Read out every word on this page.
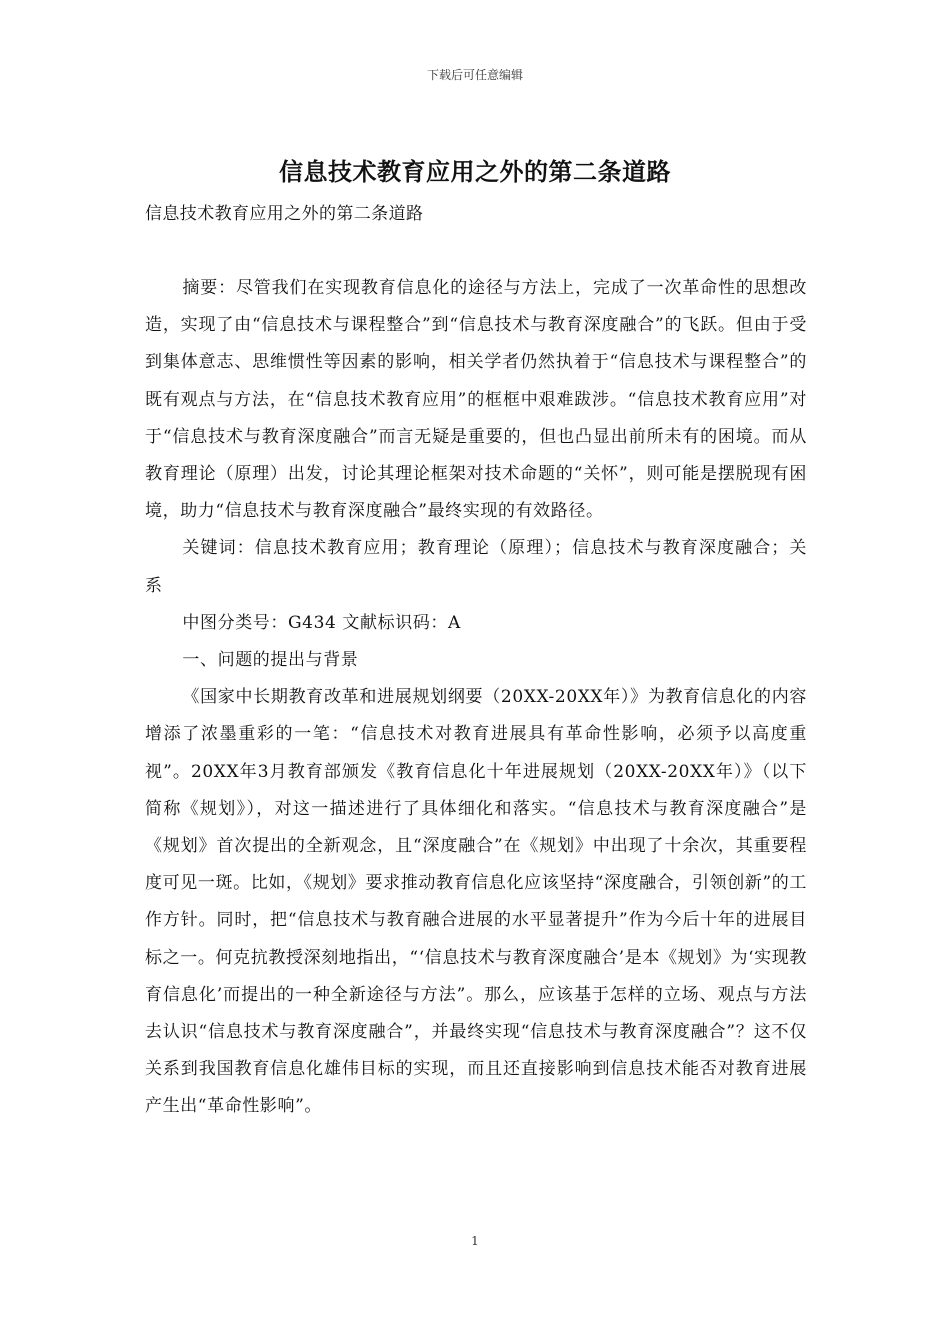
下载后可任意编辑
信息技术教育应用之外的第二条道路
信息技术教育应用之外的第二条道路

摘要：尽管我们在实现教育信息化的途径与方法上，完成了一次革命性的思想改造，实现了由“信息技术与课程整合”到“信息技术与教育深度融合”的飞跃。但由于受到集体意志、思维惯性等因素的影响，相关学者仍然执着于“信息技术与课程整合”的既有观点与方法，在“信息技术教育应用”的框框中艰难跋涉。“信息技术教育应用”对于“信息技术与教育深度融合”而言无疑是重要的，但也凸显出前所未有的困境。而从教育理论（原理）出发，讨论其理论框架对技术命题的“关怀”，则可能是摆脱现有困境，助力“信息技术与教育深度融合”最终实现的有效路径。

关键词：信息技术教育应用；教育理论（原理）；信息技术与教育深度融合；关系

中图分类号：G434 文献标识码：A

一、问题的提出与背景

《国家中长期教育改革和进展规划纲要（20XX-20XX年）》为教育信息化的内容增添了浓墨重彩的一笔：“信息技术对教育进展具有革命性影响，必须予以高度重视”。20XX年3月教育部颁发《教育信息化十年进展规划（20XX-20XX年）》（以下简称《规划》），对这一描述进行了具体细化和落实。“信息技术与教育深度融合”是《规划》首次提出的全新观念，且“深度融合”在《规划》中出现了十余次，其重要程度可见一斑。比如，《规划》要求推动教育信息化应该坚持“深度融合，引领创新”的工作方针。同时，把“信息技术与教育融合进展的水平显著提升”作为今后十年的进展目标之一。何克抗教授深刻地指出，“‘信息技术与教育深度融合’是本《规划》为‘实现教育信息化’而提出的一种全新途径与方法”。那么，应该基于怎样的立场、观点与方法去认识“信息技术与教育深度融合”，并最终实现“信息技术与教育深度融合”？这不仅关系到我国教育信息化雄伟目标的实现，而且还直接影响到信息技术能否对教育进展产生出“革命性影响”。

1
